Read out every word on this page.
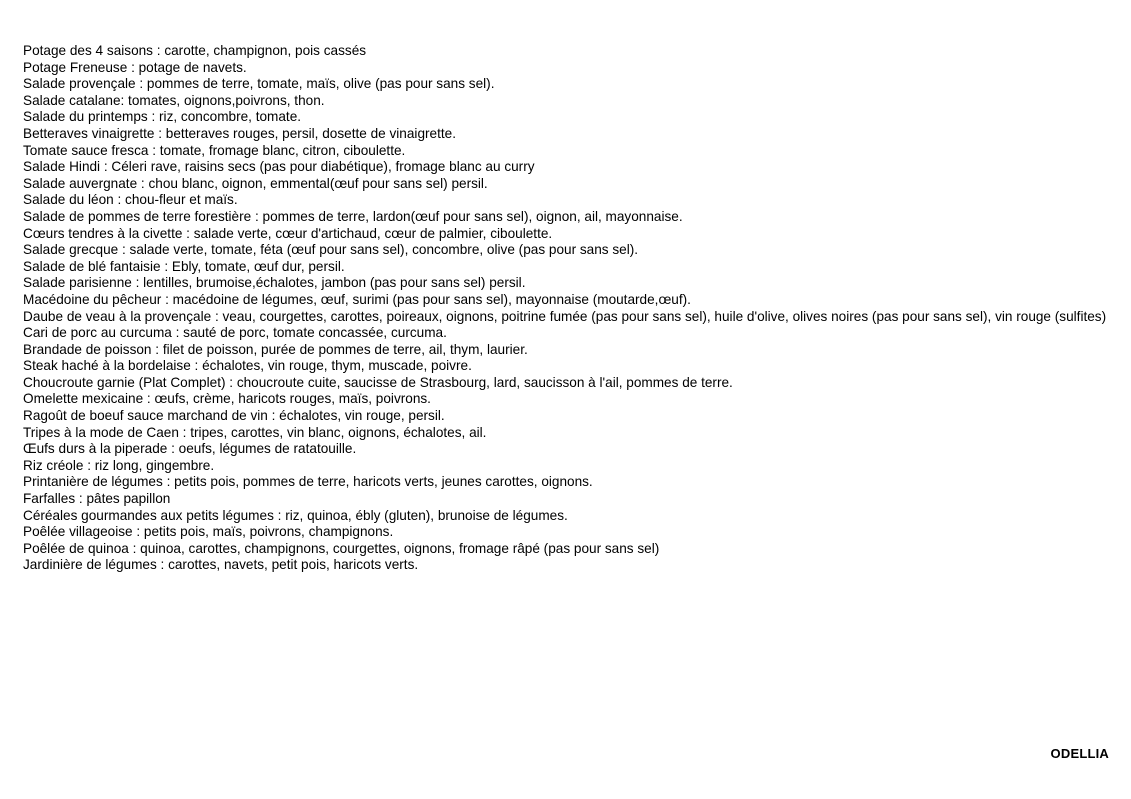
Potage des 4 saisons : carotte, champignon, pois cassés
Potage Freneuse : potage de navets.
Salade provençale : pommes de terre, tomate, maïs, olive (pas pour sans sel).
Salade catalane: tomates, oignons,poivrons, thon.
Salade du printemps : riz, concombre, tomate.
Betteraves vinaigrette : betteraves rouges, persil, dosette de vinaigrette.
Tomate sauce fresca : tomate, fromage blanc, citron, ciboulette.
Salade Hindi : Céleri rave, raisins secs (pas pour diabétique), fromage blanc au curry
Salade auvergnate : chou blanc, oignon, emmental(œuf pour sans sel) persil.
Salade du léon : chou-fleur et maïs.
Salade de pommes de terre forestière : pommes de terre, lardon(œuf pour sans sel), oignon, ail, mayonnaise.
Cœurs tendres à la civette : salade verte, cœur d'artichaud, cœur de palmier, ciboulette.
Salade grecque : salade verte, tomate, féta (œuf pour sans sel), concombre, olive (pas pour sans sel).
Salade de blé fantaisie : Ebly, tomate, œuf dur, persil.
Salade parisienne : lentilles, brumoise,échalotes, jambon (pas pour sans sel) persil.
Macédoine du pêcheur : macédoine de légumes, œuf, surimi (pas pour sans sel), mayonnaise (moutarde,œuf).
Daube de veau à la provençale : veau, courgettes, carottes, poireaux, oignons, poitrine fumée (pas pour sans sel), huile d'olive, olives noires (pas pour sans sel), vin rouge (sulfites)
Cari de porc au curcuma : sauté de porc, tomate concassée, curcuma.
Brandade de poisson : filet de poisson, purée de pommes de terre, ail, thym, laurier.
Steak haché à la bordelaise : échalotes, vin rouge, thym, muscade, poivre.
Choucroute garnie (Plat Complet) : choucroute cuite, saucisse de Strasbourg, lard, saucisson à l'ail, pommes de terre.
Omelette mexicaine : œufs, crème, haricots rouges, maïs, poivrons.
Ragoût de boeuf sauce marchand de vin : échalotes, vin rouge, persil.
Tripes à la mode de Caen : tripes, carottes, vin blanc, oignons, échalotes, ail.
Œufs durs à la piperade : oeufs, légumes de ratatouille.
Riz créole : riz long, gingembre.
Printanière de légumes : petits pois, pommes de terre, haricots verts, jeunes carottes, oignons.
Farfalles : pâtes papillon
Céréales gourmandes aux petits légumes : riz, quinoa, ébly (gluten), brunoise de légumes.
Poêlée villageoise : petits pois, maïs, poivrons, champignons.
Poêlée de quinoa : quinoa, carottes, champignons, courgettes, oignons, fromage râpé (pas pour sans sel)
Jardinière de légumes : carottes, navets, petit pois, haricots verts.
ODELLIA
